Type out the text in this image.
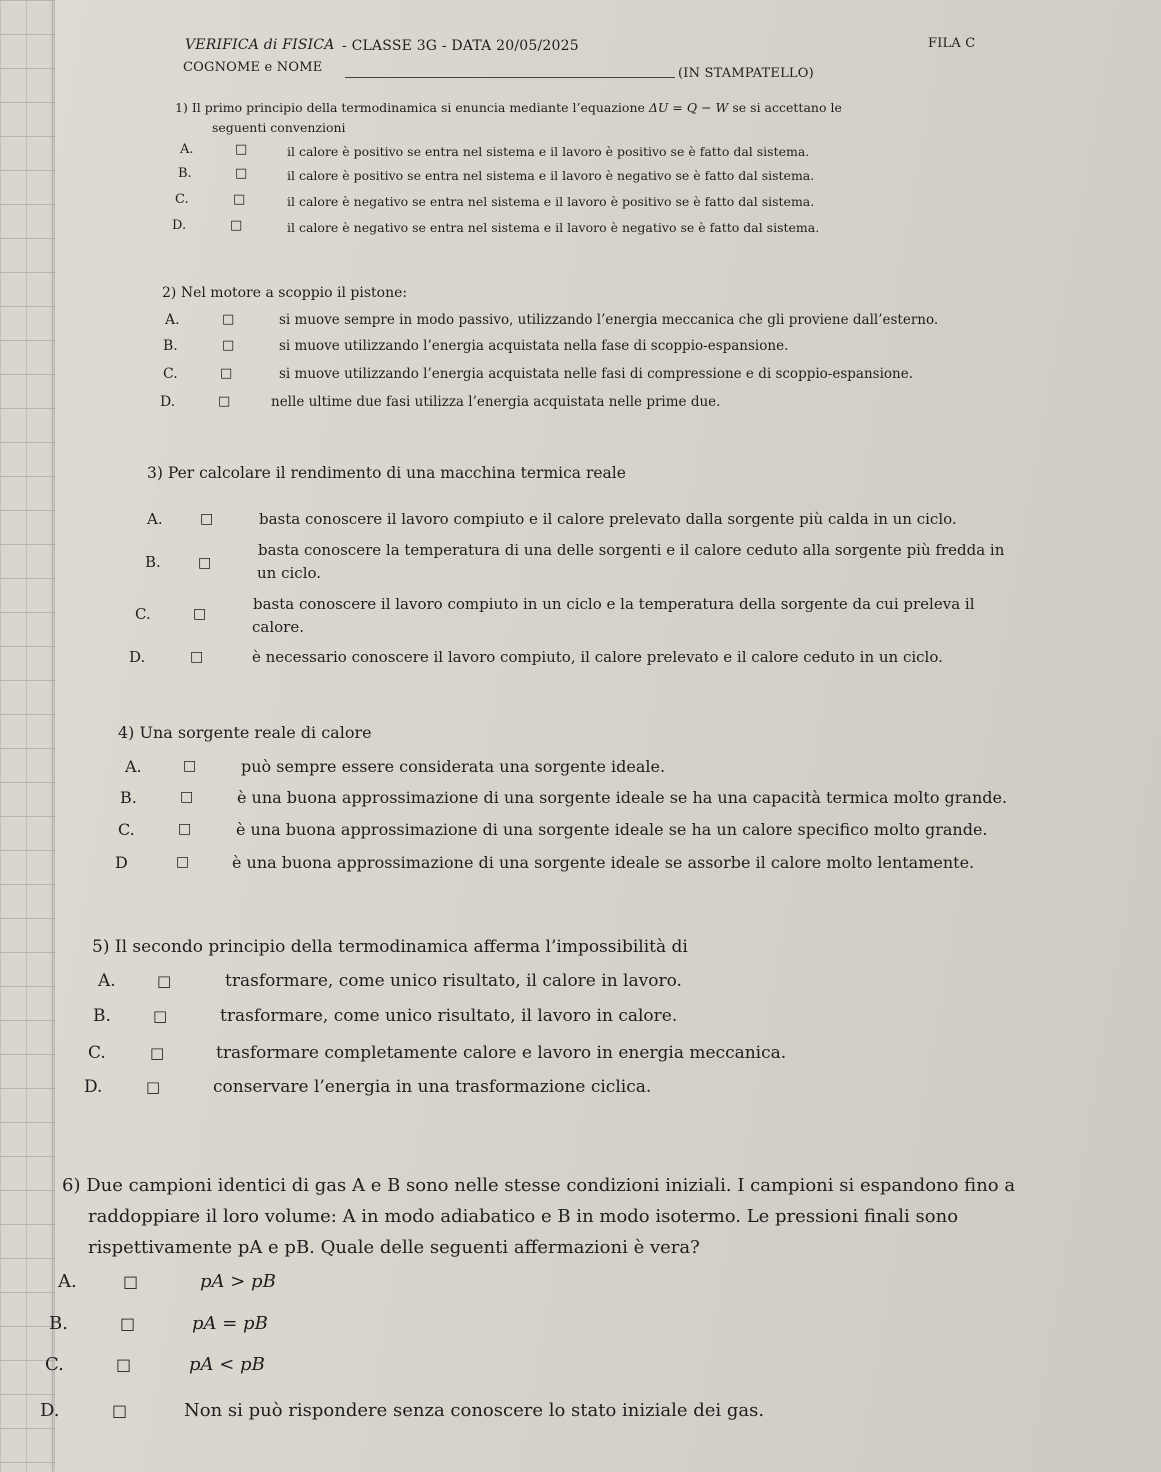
VERIFICA di FISICA - CLASSE 3G - DATA 20/05/2025	FILA C
COGNOME e NOME	(IN STAMPATELLO)
1) Il primo principio della termodinamica si enuncia mediante l’equazione ΔU = Q − W se si accettano le
seguenti convenzioni
A.	□	il calore è positivo se entra nel sistema e il lavoro è positivo se è fatto dal sistema.
B.	□	il calore è positivo se entra nel sistema e il lavoro è negativo se è fatto dal sistema.
C.	□	il calore è negativo se entra nel sistema e il lavoro è positivo se è fatto dal sistema.
D.	□	il calore è negativo se entra nel sistema e il lavoro è negativo se è fatto dal sistema.
2) Nel motore a scoppio il pistone:
A.	□	si muove sempre in modo passivo, utilizzando l’energia meccanica che gli proviene dall’esterno.
B.	□	si muove utilizzando l’energia acquistata nella fase di scoppio-espansione.
C.	□	si muove utilizzando l’energia acquistata nelle fasi di compressione e di scoppio-espansione.
D.	□	nelle ultime due fasi utilizza l’energia acquistata nelle prime due.
3) Per calcolare il rendimento di una macchina termica reale
A.	□	basta conoscere il lavoro compiuto e il calore prelevato dalla sorgente più calda in un ciclo.
B.	□
basta conoscere la temperatura di una delle sorgenti e il calore ceduto alla sorgente più fredda in
un ciclo.
C.	□
basta conoscere il lavoro compiuto in un ciclo e la temperatura della sorgente da cui preleva il
calore.
D.	□	è necessario conoscere il lavoro compiuto, il calore prelevato e il calore ceduto in un ciclo.
4) Una sorgente reale di calore
A.	□	può sempre essere considerata una sorgente ideale.
B.	□	è una buona approssimazione di una sorgente ideale se ha una capacità termica molto grande.
C.	□	è una buona approssimazione di una sorgente ideale se ha un calore specifico molto grande.
D	□	è una buona approssimazione di una sorgente ideale se assorbe il calore molto lentamente.
5) Il secondo principio della termodinamica afferma l’impossibilità di
A.	□	trasformare, come unico risultato, il calore in lavoro.
B.	□	trasformare, come unico risultato, il lavoro in calore.
C.	□	trasformare completamente calore e lavoro in energia meccanica.
D.	□	conservare l’energia in una trasformazione ciclica.
6) Due campioni identici di gas A e B sono nelle stesse condizioni iniziali. I campioni si espandono fino a
raddoppiare il loro volume: A in modo adiabatico e B in modo isotermo. Le pressioni finali sono
rispettivamente pA e pB. Quale delle seguenti affermazioni è vera?
A.	□	pA > pB
B.	□	pA = pB
C.	□	pA < pB
D.	□	Non si può rispondere senza conoscere lo stato iniziale dei gas.
